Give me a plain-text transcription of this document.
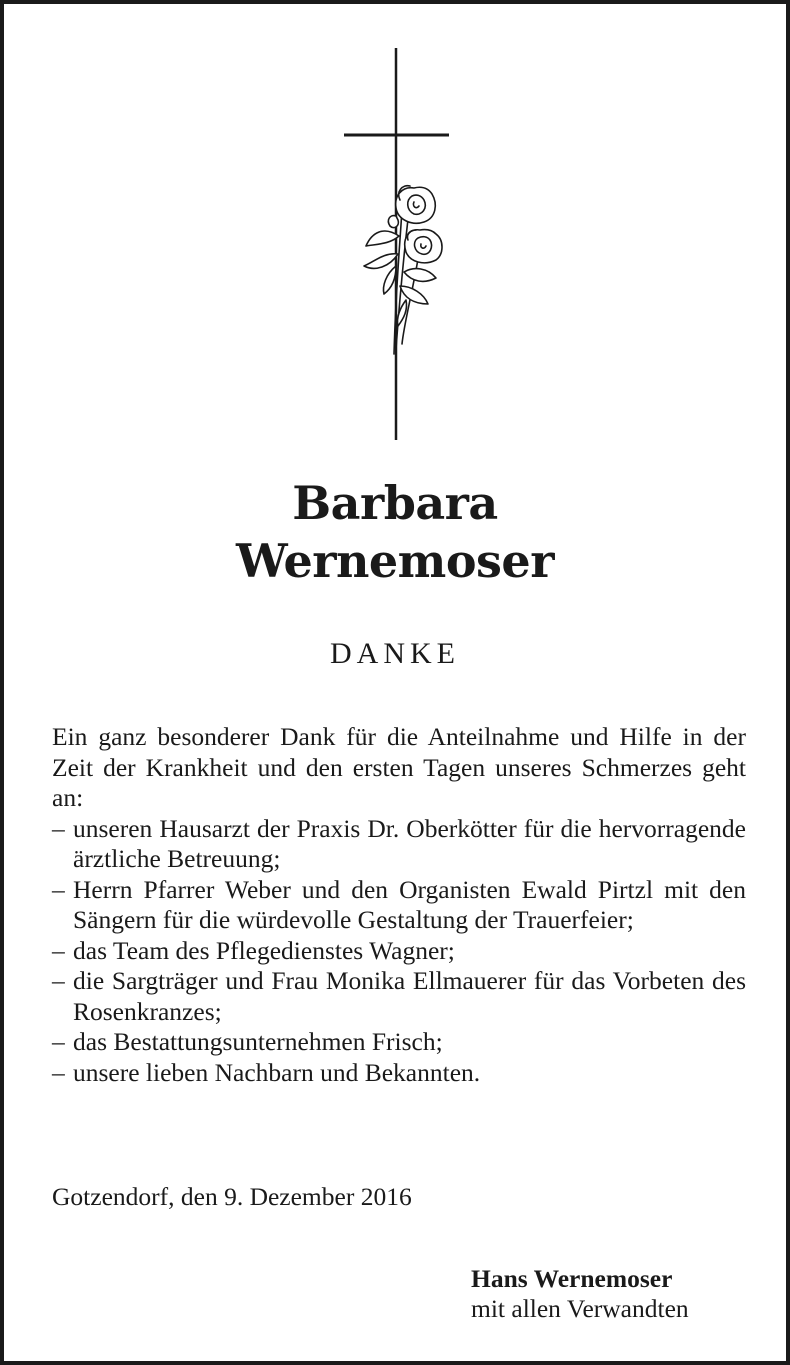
Barbara
Wernemoser
DANKE

Ein ganz besonderer Dank für die Anteilnahme und Hilfe in der Zeit der Krankheit und den ersten Tagen unseres Schmerzes geht an:

– unseren Hausarzt der Praxis Dr. Oberkötter für die hervorragende ärztliche Betreuung;
– Herrn Pfarrer Weber und den Organisten Ewald Pirtzl mit den Sängern für die würdevolle Gestaltung der Trauerfeier;
– das Team des Pflegedienstes Wagner;
– die Sargträger und Frau Monika Ellmauerer für das Vorbeten des Rosenkranzes;
– das Bestattungsunternehmen Frisch;
– unsere lieben Nachbarn und Bekannten.
Gotzendorf, den 9. Dezember 2016
Hans Wernemoser
mit allen Verwandten
